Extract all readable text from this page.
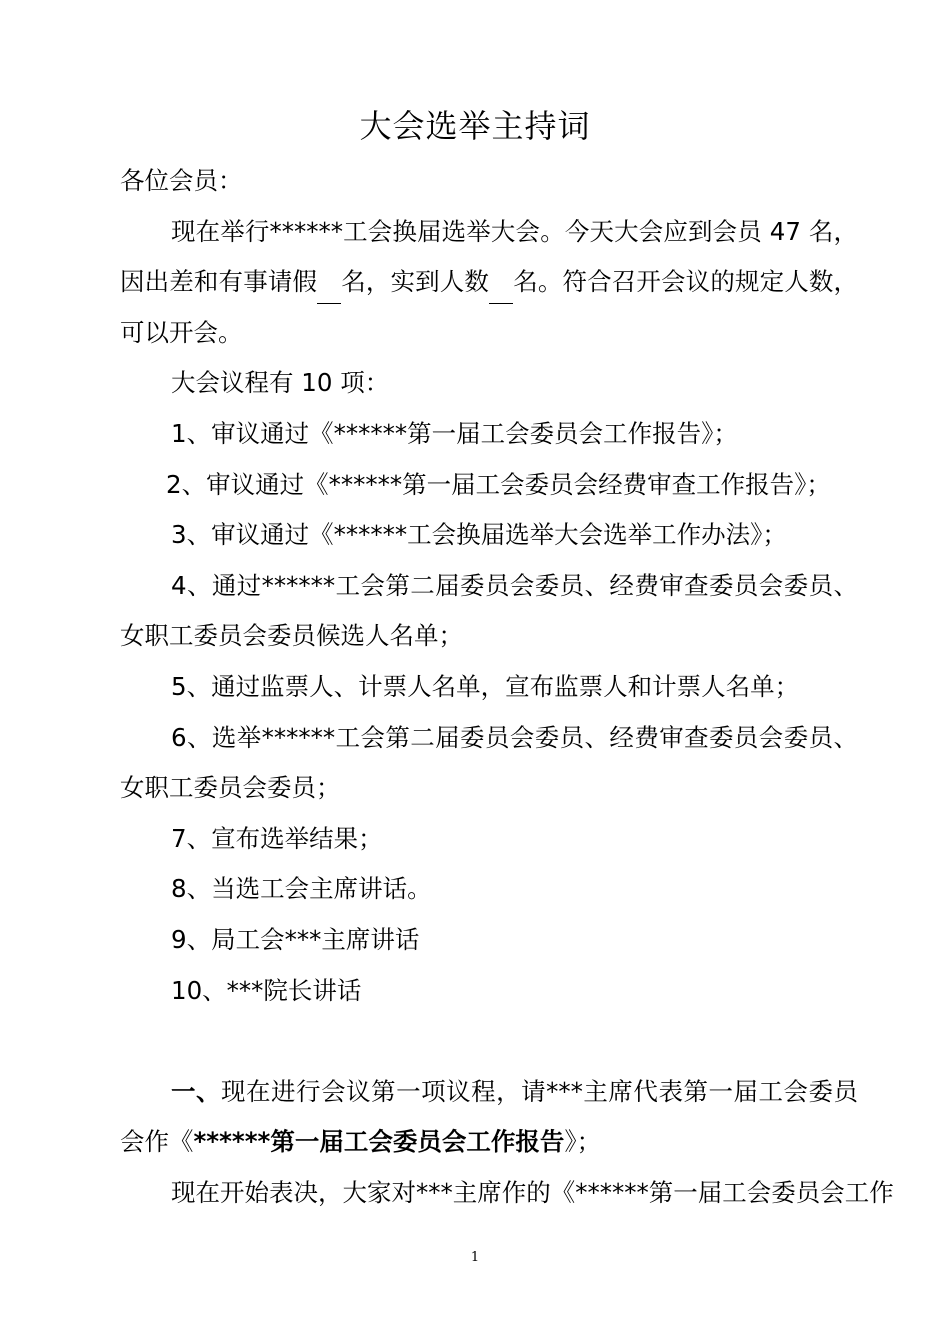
大会选举主持词

各位会员：

现在举行******工会换届选举大会。今天大会应到会员 47 名，因出差和有事请假 名，实到人数 名。符合召开会议的规定人数，可以开会。

大会议程有 10 项：

1、审议通过《******第一届工会委员会工作报告》；

2、审议通过《******第一届工会委员会经费审查工作报告》；

3、审议通过《******工会换届选举大会选举工作办法》；

4、通过******工会第二届委员会委员、经费审查委员会委员、女职工委员会委员候选人名单；

5、通过监票人、计票人名单，宣布监票人和计票人名单；

6、选举******工会第二届委员会委员、经费审查委员会委员、女职工委员会委员；

7、宣布选举结果；

8、当选工会主席讲话。

9、局工会***主席讲话

10、***院长讲话

一、现在进行会议第一项议程，请***主席代表第一届工会委员会作《******第一届工会委员会工作报告》；

现在开始表决，大家对***主席作的《******第一届工会委员会工作

1
